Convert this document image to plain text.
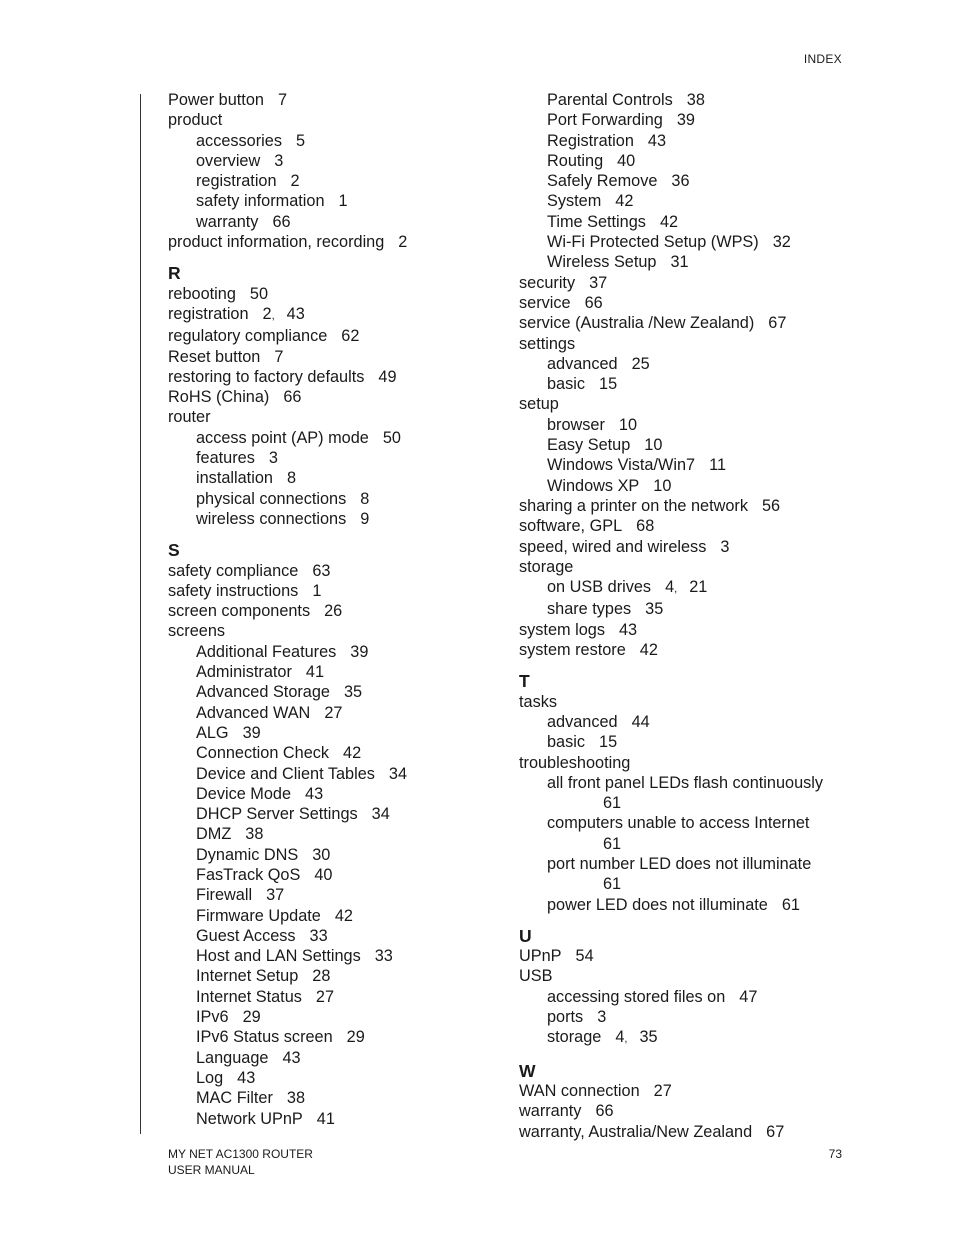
INDEX
Power button 7
product
accessories 5
overview 3
registration 2
safety information 1
warranty 66
product information, recording 2
R
rebooting 50
registration 2, 43
regulatory compliance 62
Reset button 7
restoring to factory defaults 49
RoHS (China) 66
router
access point (AP) mode 50
features 3
installation 8
physical connections 8
wireless connections 9
S
safety compliance 63
safety instructions 1
screen components 26
screens
Additional Features 39
Administrator 41
Advanced Storage 35
Advanced WAN 27
ALG 39
Connection Check 42
Device and Client Tables 34
Device Mode 43
DHCP Server Settings 34
DMZ 38
Dynamic DNS 30
FasTrack QoS 40
Firewall 37
Firmware Update 42
Guest Access 33
Host and LAN Settings 33
Internet Setup 28
Internet Status 27
IPv6 29
IPv6 Status screen 29
Language 43
Log 43
MAC Filter 38
Network UPnP 41
Parental Controls 38
Port Forwarding 39
Registration 43
Routing 40
Safely Remove 36
System 42
Time Settings 42
Wi-Fi Protected Setup (WPS) 32
Wireless Setup 31
security 37
service 66
service (Australia /New Zealand) 67
settings
advanced 25
basic 15
setup
browser 10
Easy Setup 10
Windows Vista/Win7 11
Windows XP 10
sharing a printer on the network 56
software, GPL 68
speed, wired and wireless 3
storage
on USB drives 4, 21
share types 35
system logs 43
system restore 42
T
tasks
advanced 44
basic 15
troubleshooting
all front panel LEDs flash continuously
61
computers unable to access Internet
61
port number LED does not illuminate
61
power LED does not illuminate 61
U
UPnP 54
USB
accessing stored files on 47
ports 3
storage 4, 35
W
WAN connection 27
warranty 66
warranty, Australia/New Zealand 67
MY NET AC1300 ROUTER
USER MANUAL
73
